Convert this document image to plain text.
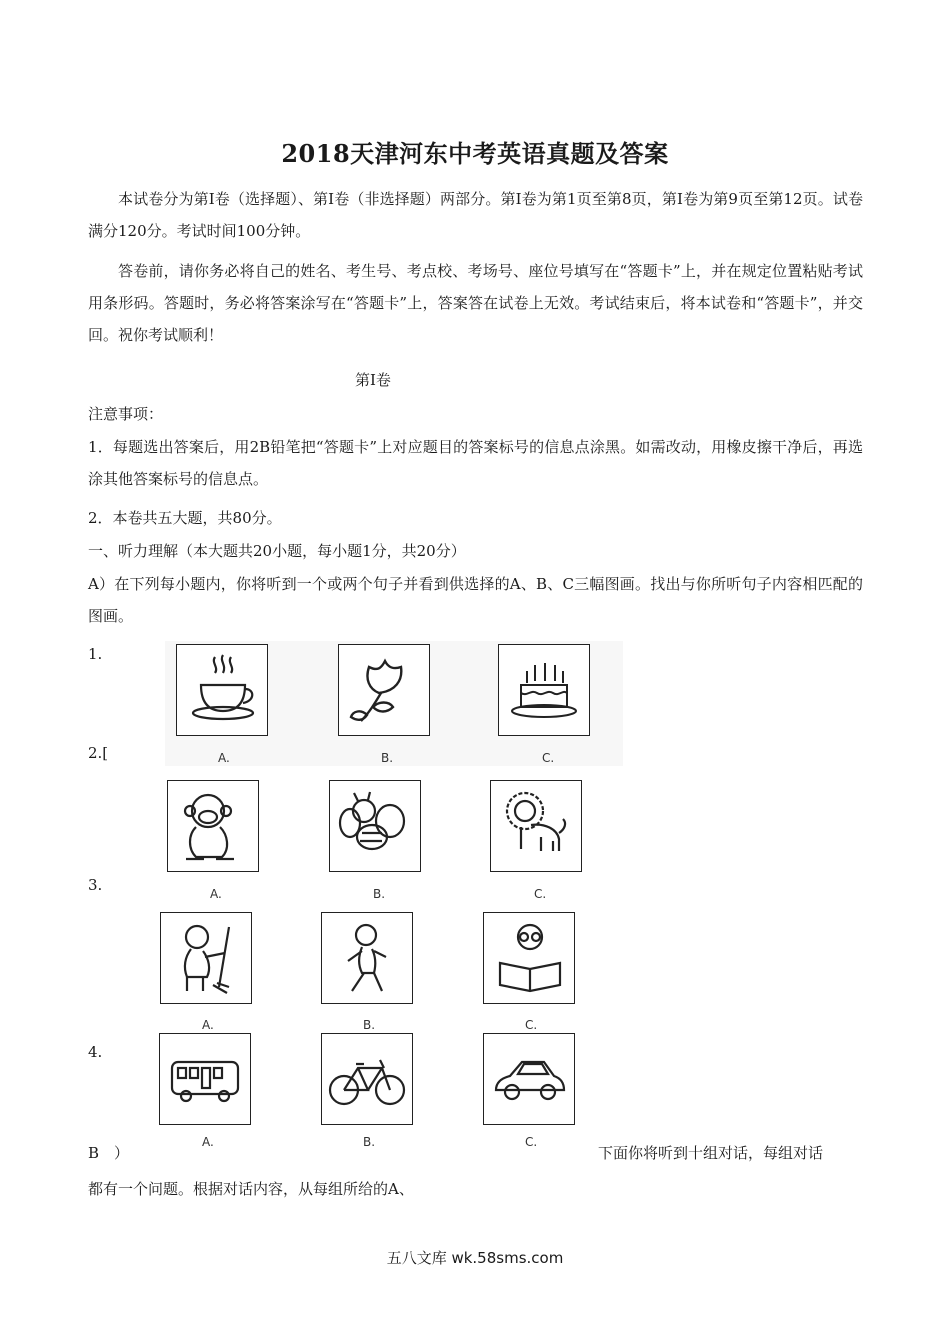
2018天津河东中考英语真题及答案
本试卷分为第Ⅰ卷（选择题）、第Ⅰ卷（非选择题）两部分。第Ⅰ卷为第1页至第8页，第Ⅰ卷为第9页至第12页。试卷满分120分。考试时间100分钟。
答卷前，请你务必将自己的姓名、考生号、考点校、考场号、座位号填写在“答题卡”上，并在规定位置粘贴考试用条形码。答题时，务必将答案涂写在“答题卡”上，答案答在试卷上无效。考试结束后，将本试卷和“答题卡”，并交回。祝你考试顺利！
第Ⅰ卷
注意事项：
1．每题选出答案后，用2B铅笔把“答题卡”上对应题目的答案标号的信息点涂黑。如需改动，用橡皮擦干净后，再选涂其他答案标号的信息点。
2．本卷共五大题，共80分。
一、听力理解（本大题共20小题，每小题1分，共20分）
A）在下列每小题内，你将听到一个或两个句子并看到供选择的A、B、C三幅图画。找出与你所听句子内容相匹配的图画。
1.
A.	B.	C.
2.[
A.	B.	C.
3.
A.	B.	C.
4.
A.	B.	C.
B　）	下面你将听到十组对话，每组对话
都有一个问题。根据对话内容，从每组所给的A、
五八文库 wk.58sms.com
